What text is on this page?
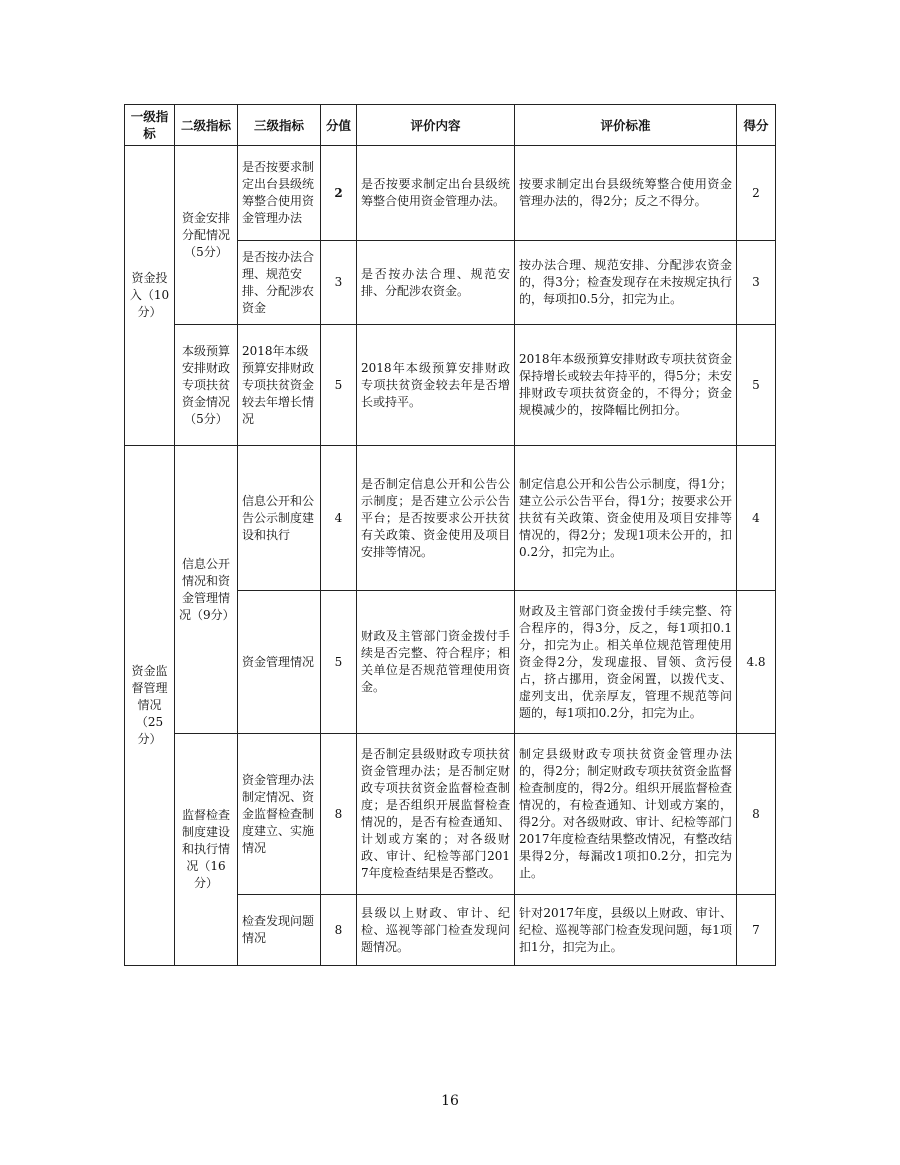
一级指标	二级指标	三级指标	分值	评价内容	评价标准	得分
资金投入（10分）	资金安排分配情况（5分）	是否按要求制定出台县级统筹整合使用资金管理办法	2	是否按要求制定出台县级统筹整合使用资金管理办法。	按要求制定出台县级统筹整合使用资金管理办法的，得2分；反之不得分。	2
		是否按办法合理、规范安排、分配涉农资金	3	是否按办法合理、规范安排、分配涉农资金。	按办法合理、规范安排、分配涉农资金的，得3分；检查发现存在未按规定执行的，每项扣0.5分，扣完为止。	3
	本级预算安排财政专项扶贫资金情况（5分）	2018年本级预算安排财政专项扶贫资金较去年增长情况	5	2018年本级预算安排财政专项扶贫资金较去年是否增长或持平。	2018年本级预算安排财政专项扶贫资金保持增长或较去年持平的，得5分；未安排财政专项扶贫资金的，不得分；资金规模减少的，按降幅比例扣分。	5
资金监督管理情况（25分）	信息公开情况和资金管理情况（9分）	信息公开和公告公示制度建设和执行	4	是否制定信息公开和公告公示制度；是否建立公示公告平台；是否按要求公开扶贫有关政策、资金使用及项目安排等情况。	制定信息公开和公告公示制度，得1分；建立公示公告平台，得1分；按要求公开扶贫有关政策、资金使用及项目安排等情况的，得2分；发现1项未公开的，扣0.2分，扣完为止。	4
		资金管理情况	5	财政及主管部门资金拨付手续是否完整、符合程序；相关单位是否规范管理使用资金。	财政及主管部门资金拨付手续完整、符合程序的，得3分，反之，每1项扣0.1分，扣完为止。相关单位规范管理使用资金得2分，发现虚报、冒领、贪污侵占，挤占挪用，资金闲置，以拨代支、虚列支出，优亲厚友，管理不规范等问题的，每1项扣0.2分，扣完为止。	4.8
	监督检查制度建设和执行情况（16分）	资金管理办法制定情况、资金监督检查制度建立、实施情况	8	是否制定县级财政专项扶贫资金管理办法；是否制定财政专项扶贫资金监督检查制度；是否组织开展监督检查情况的，是否有检查通知、计划或方案的；对各级财政、审计、纪检等部门2017年度检查结果是否整改。	制定县级财政专项扶贫资金管理办法的，得2分；制定财政专项扶贫资金监督检查制度的，得2分。组织开展监督检查情况的，有检查通知、计划或方案的，得2分。对各级财政、审计、纪检等部门2017年度检查结果整改情况，有整改结果得2分，每漏改1项扣0.2分，扣完为止。	8
		检查发现问题情况	8	县级以上财政、审计、纪检、巡视等部门检查发现问题情况。	针对2017年度，县级以上财政、审计、纪检、巡视等部门检查发现问题，每1项扣1分，扣完为止。	7
16
